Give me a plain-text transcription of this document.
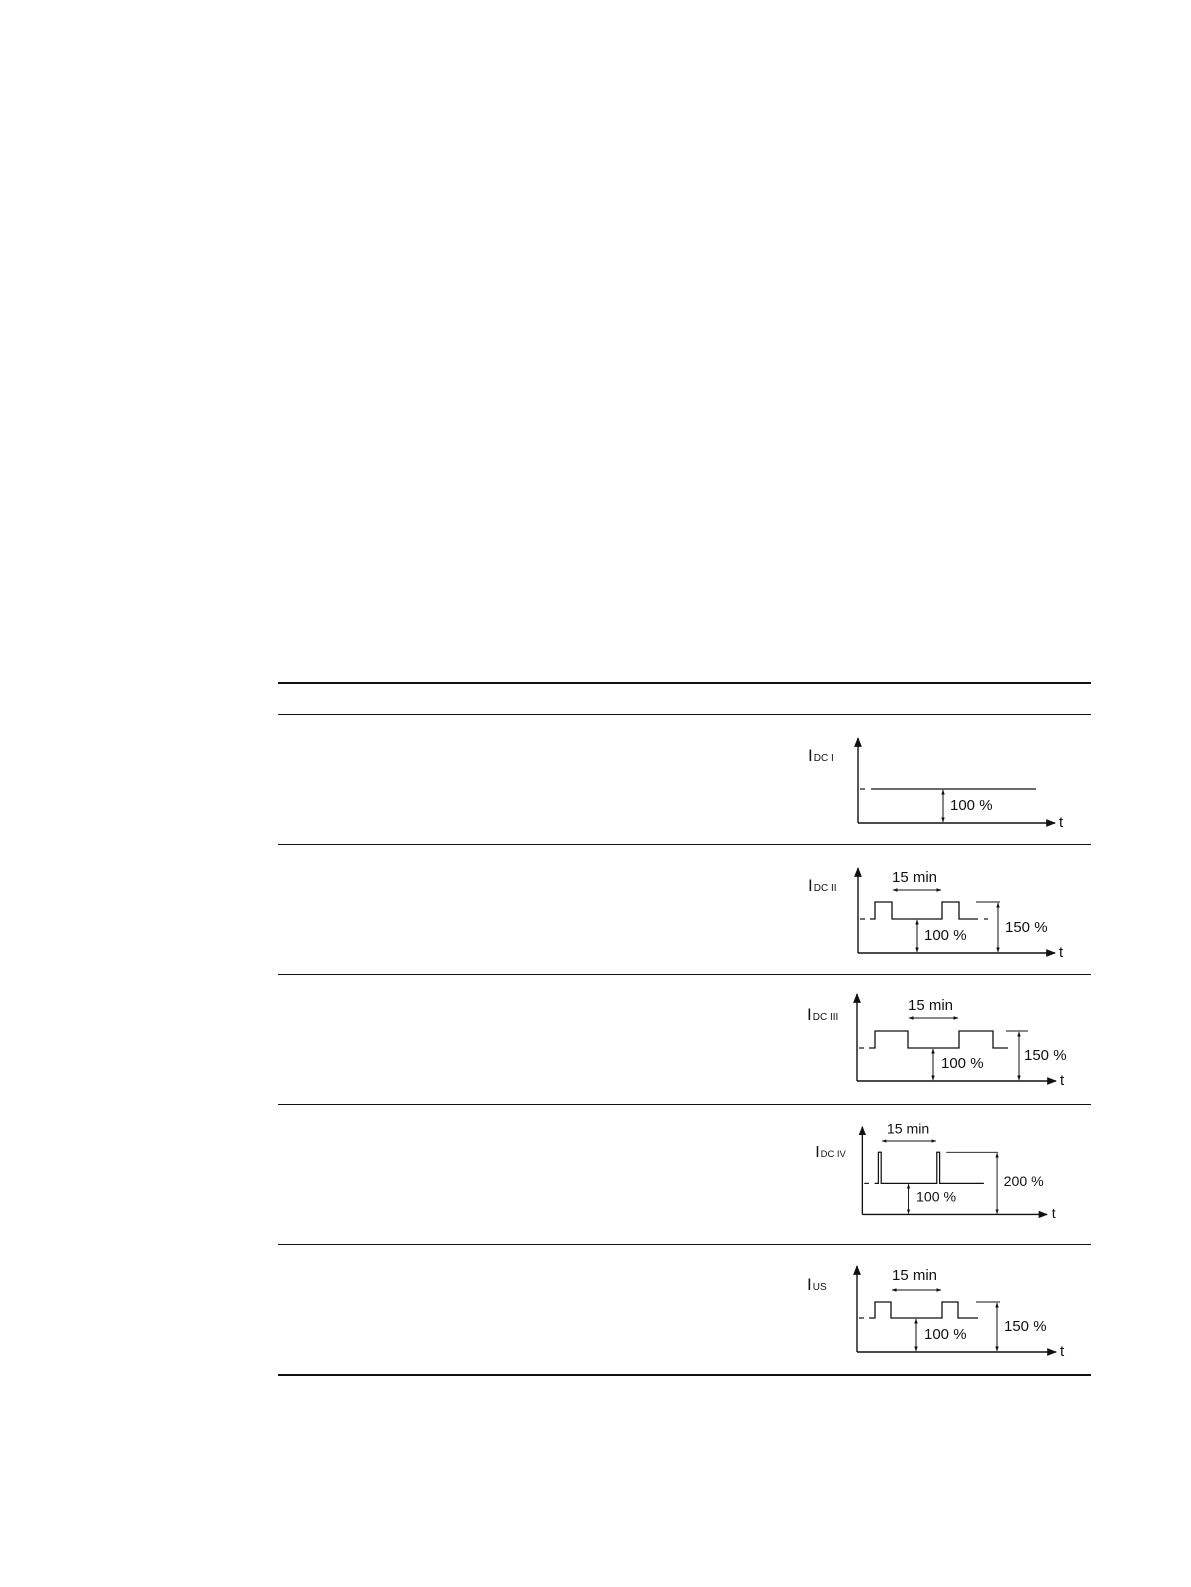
IDC I
100 %
t
IDC II
15 min
100 %	150 %
t
IDC III
15 min
100 %	150 %
t
IDC IV
15 min
100 %
200 %
t
IUS
15 min
100 % 150 %
t
